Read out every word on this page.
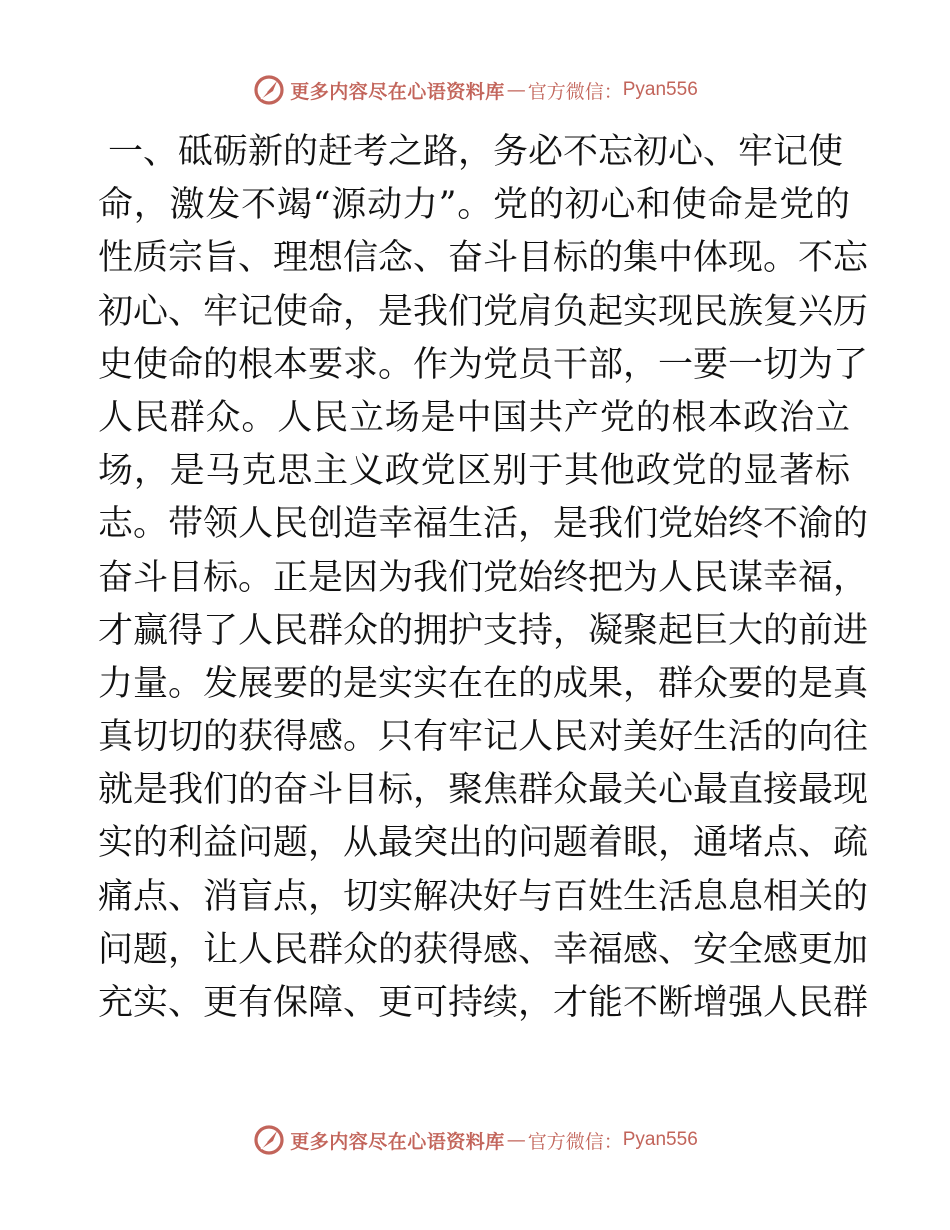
更多内容尽在心语资料库 — 官方微信： Pyan556
一、砥砺新的赶考之路，务必不忘初心、牢记使
命，激发不竭“源动力”。党的初心和使命是党的
性质宗旨、理想信念、奋斗目标的集中体现。不忘
初心、牢记使命，是我们党肩负起实现民族复兴历
史使命的根本要求。作为党员干部，一要一切为了
人民群众。人民立场是中国共产党的根本政治立
场，是马克思主义政党区别于其他政党的显著标
志。带领人民创造幸福生活，是我们党始终不渝的
奋斗目标。正是因为我们党始终把为人民谋幸福，
才赢得了人民群众的拥护支持，凝聚起巨大的前进
力量。发展要的是实实在在的成果，群众要的是真
真切切的获得感。只有牢记人民对美好生活的向往
就是我们的奋斗目标，聚焦群众最关心最直接最现
实的利益问题，从最突出的问题着眼，通堵点、疏
痛点、消盲点，切实解决好与百姓生活息息相关的
问题，让人民群众的获得感、幸福感、安全感更加
充实、更有保障、更可持续，才能不断增强人民群
更多内容尽在心语资料库 — 官方微信： Pyan556
